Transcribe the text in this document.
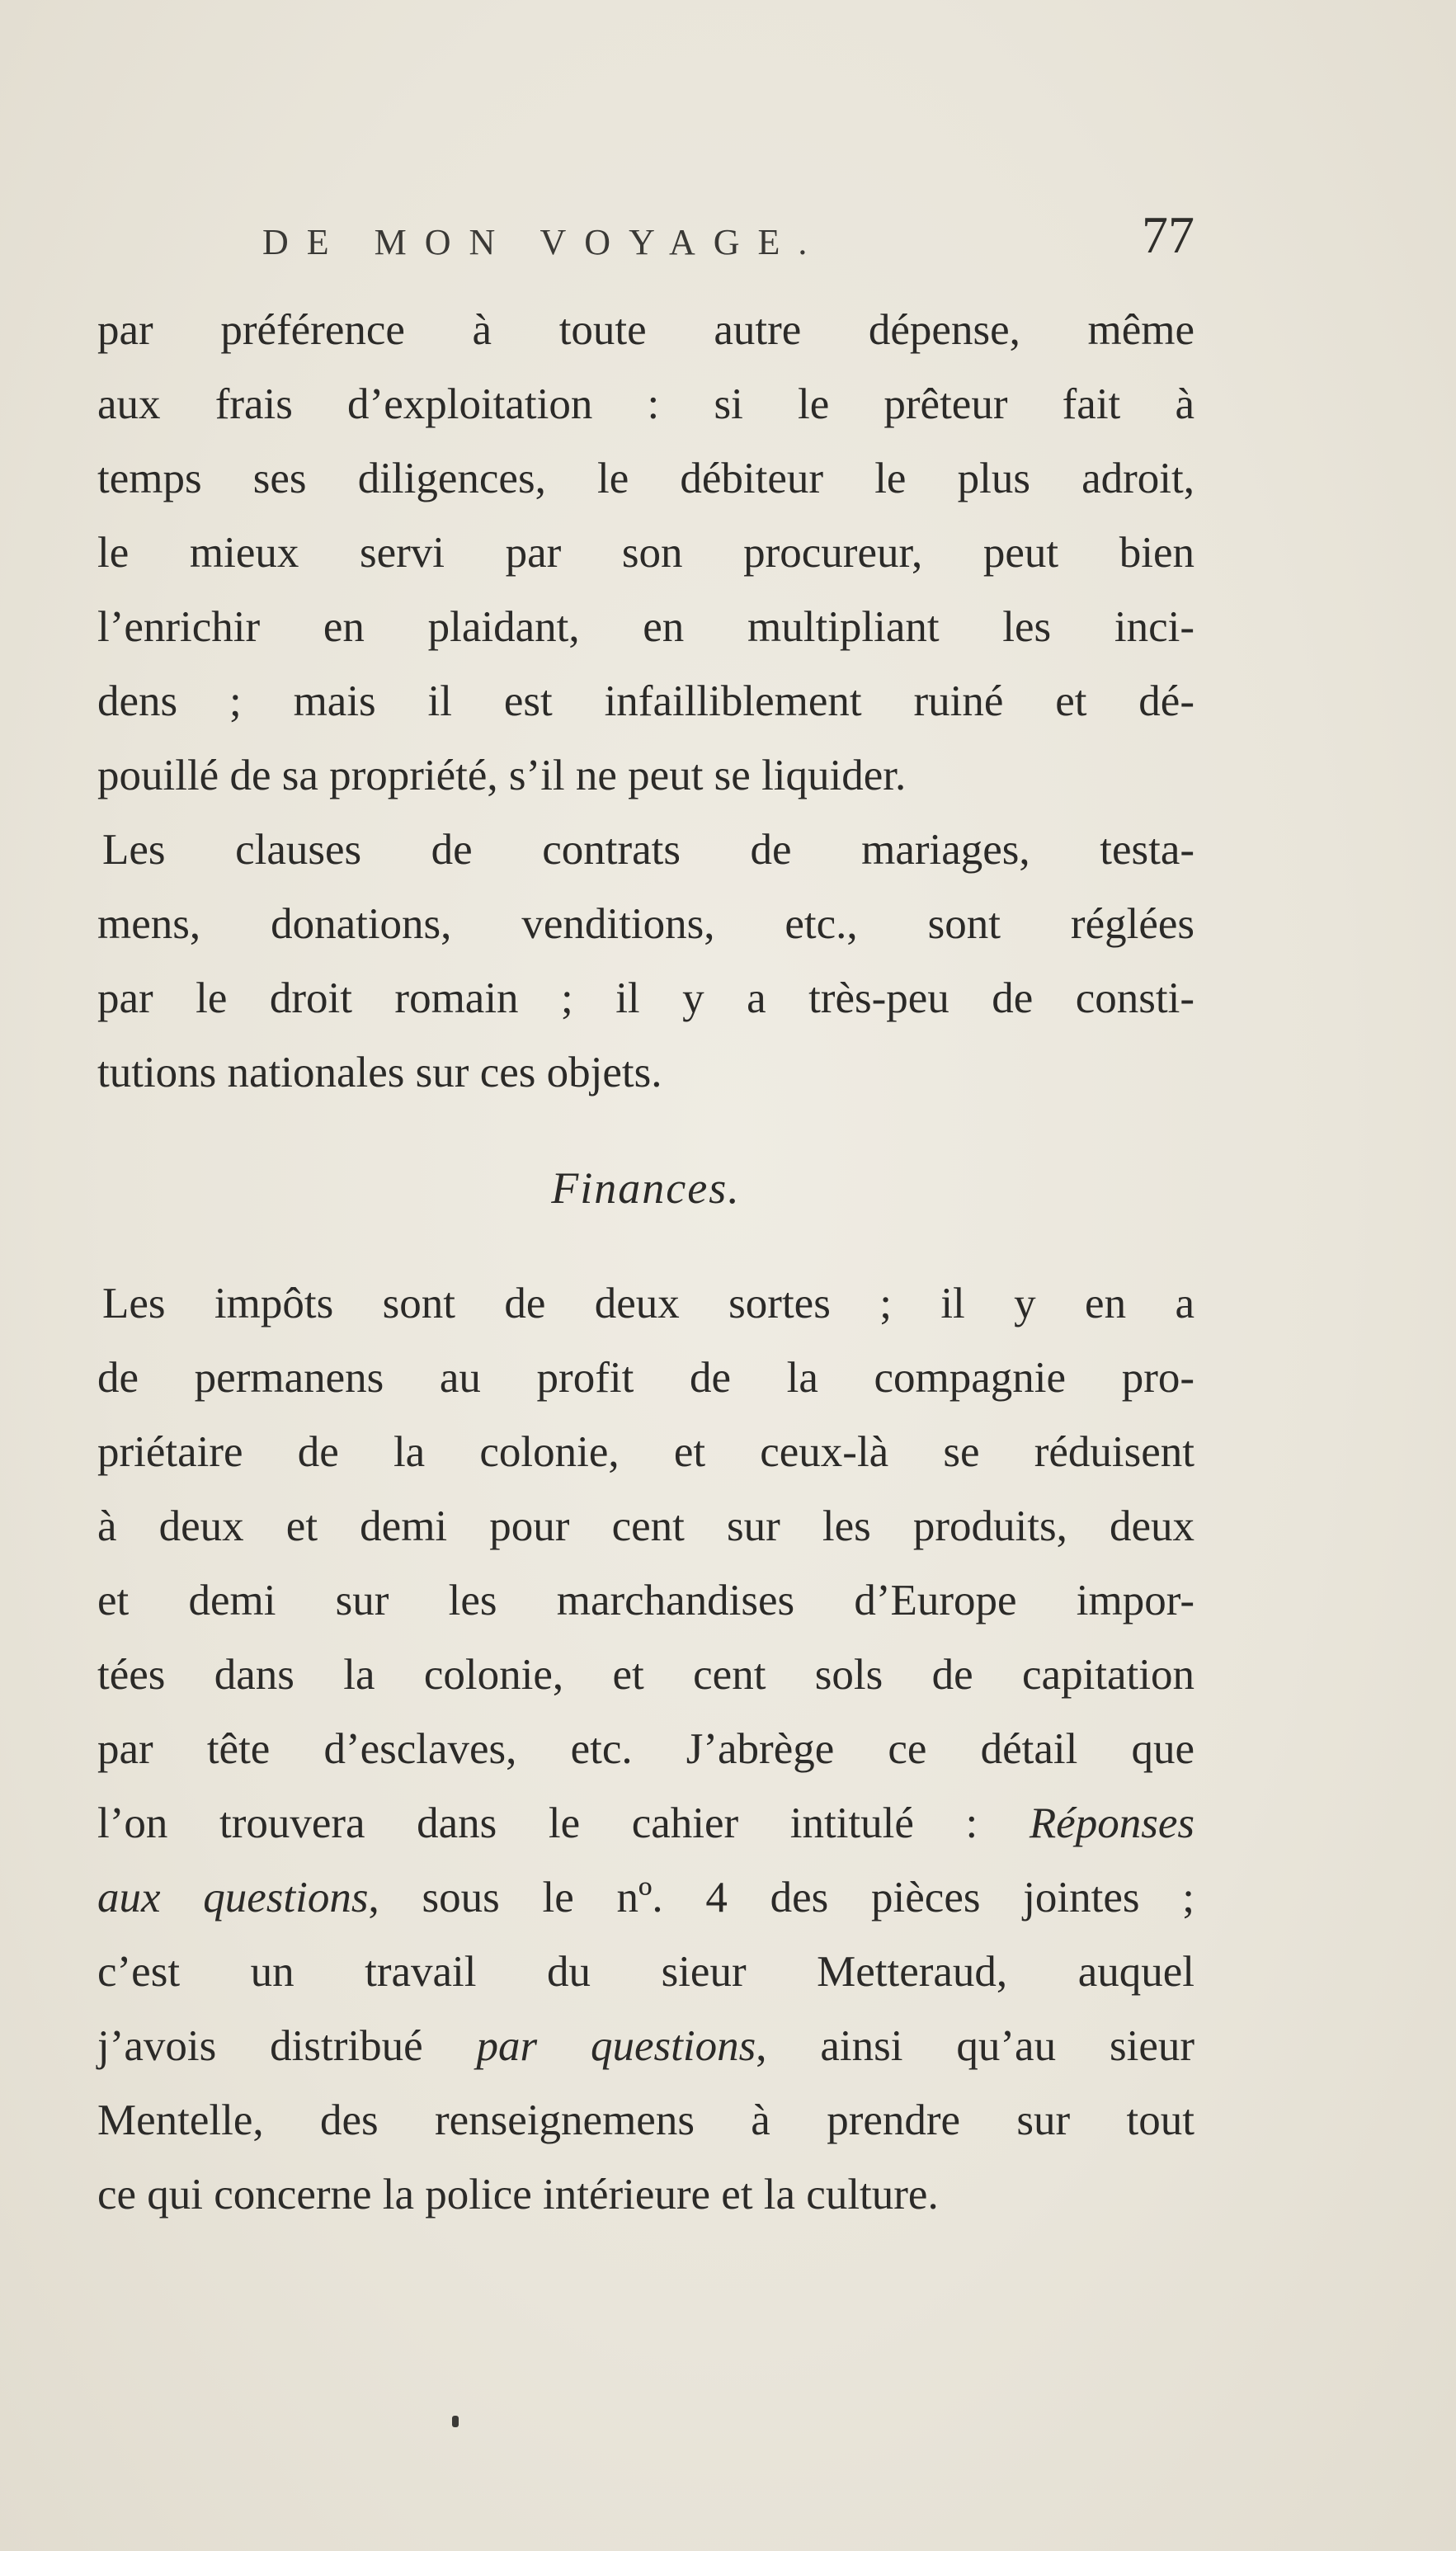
DE MON VOYAGE.	77
par préférence à toute autre dépense, même
aux frais d’exploitation : si le prêteur fait à
temps ses diligences, le débiteur le plus adroit,
le mieux servi par son procureur, peut bien
l’enrichir en plaidant, en multipliant les inci-
dens ; mais il est infailliblement ruiné et dé-
pouillé de sa propriété, s’il ne peut se liquider.
Les clauses de contrats de mariages, testa-
mens, donations, venditions, etc., sont réglées
par le droit romain ; il y a très-peu de consti-
tutions nationales sur ces objets.
Finances.
Les impôts sont de deux sortes ; il y en a
de permanens au profit de la compagnie pro-
priétaire de la colonie, et ceux-là se réduisent
à deux et demi pour cent sur les produits, deux
et demi sur les marchandises d’Europe impor-
tées dans la colonie, et cent sols de capitation
par tête d’esclaves, etc. J’abrège ce détail que
l’on trouvera dans le cahier intitulé : Réponses
aux questions, sous le nº. 4 des pièces jointes ;
c’est un travail du sieur Metteraud, auquel
j’avois distribué par questions, ainsi qu’au sieur
Mentelle, des renseignemens à prendre sur tout
ce qui concerne la police intérieure et la culture.
